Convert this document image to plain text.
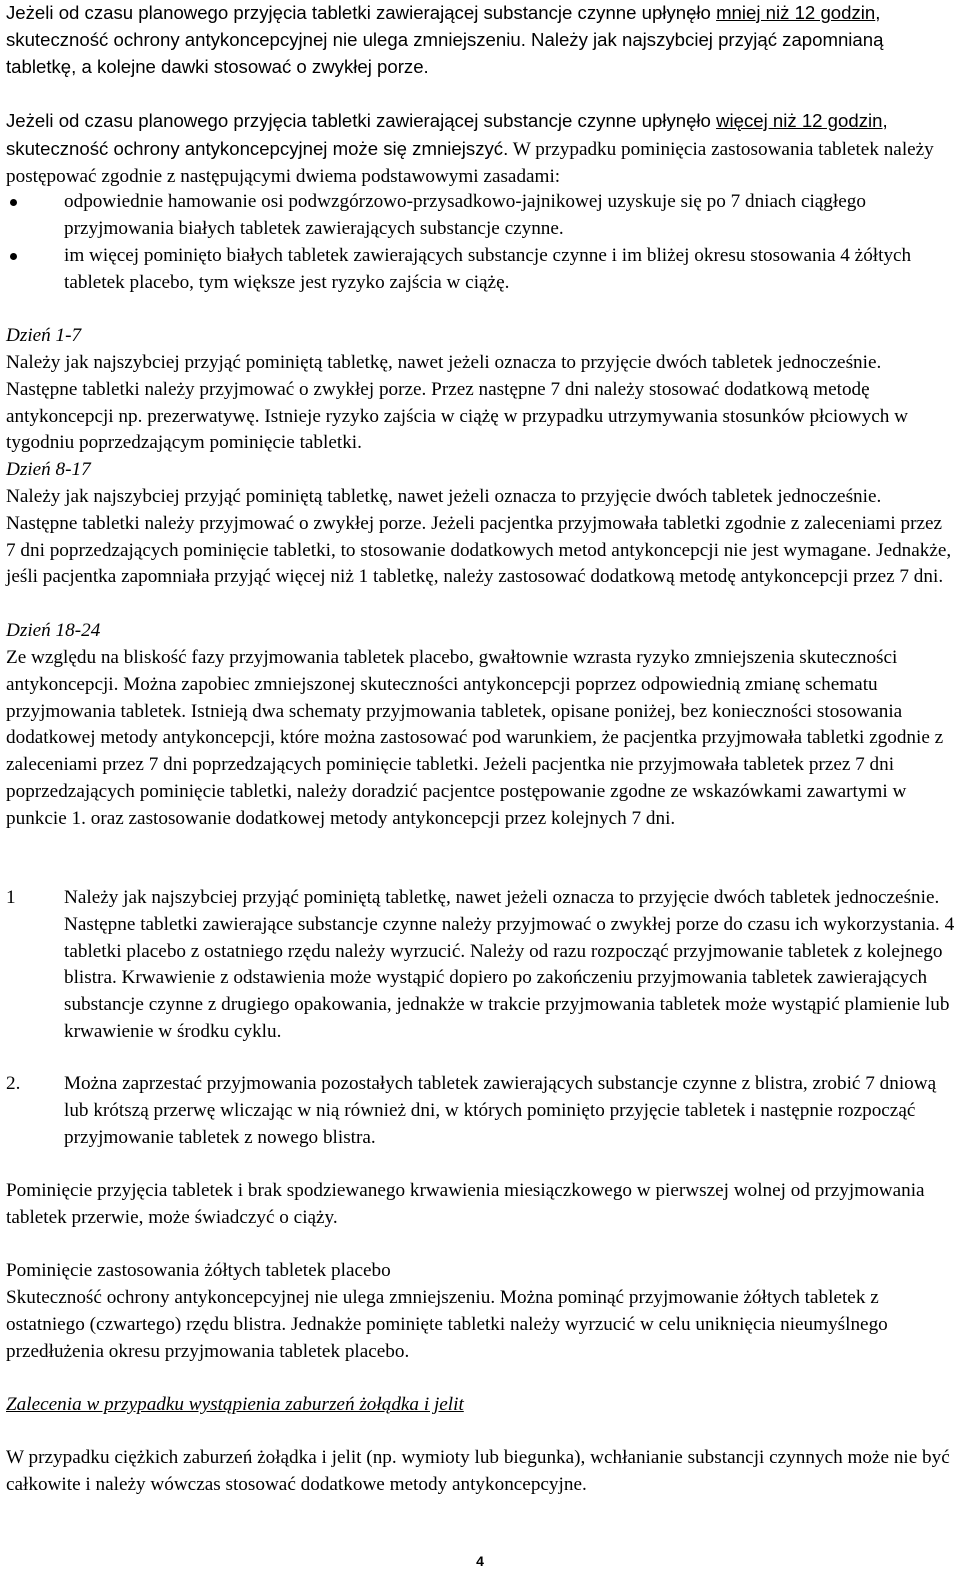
Jeżeli od czasu planowego przyjęcia tabletki zawierającej substancje czynne upłynęło mniej niż 12 godzin, skuteczność ochrony antykoncepcyjnej nie ulega zmniejszeniu. Należy jak najszybciej przyjąć zapomnianą tabletkę, a kolejne dawki stosować o zwykłej porze.

Jeżeli od czasu planowego przyjęcia tabletki zawierającej substancje czynne upłynęło więcej niż 12 godzin, skuteczność ochrony antykoncepcyjnej może się zmniejszyć. W przypadku pominięcia zastosowania tabletek należy postępować zgodnie z następującymi dwiema podstawowymi zasadami:

odpowiednie hamowanie osi podwzgórzowo-przysadkowo-jajnikowej uzyskuje się po 7 dniach ciągłego przyjmowania białych tabletek zawierających substancje czynne.
im więcej pominięto białych tabletek zawierających substancje czynne i im bliżej okresu stosowania 4 żółtych tabletek placebo, tym większe jest ryzyko zajścia w ciążę.
Dzień 1-7
Należy jak najszybciej przyjąć pominiętą tabletkę, nawet jeżeli oznacza to przyjęcie dwóch tabletek jednocześnie. Następne tabletki należy przyjmować o zwykłej porze. Przez następne 7 dni należy stosować dodatkową metodę antykoncepcji np. prezerwatywę. Istnieje ryzyko zajścia w ciążę w przypadku utrzymywania stosunków płciowych w tygodniu poprzedzającym pominięcie tabletki.
Dzień 8-17
Należy jak najszybciej przyjąć pominiętą tabletkę, nawet jeżeli oznacza to przyjęcie dwóch tabletek jednocześnie. Następne tabletki należy przyjmować o zwykłej porze. Jeżeli pacjentka przyjmowała tabletki zgodnie z zaleceniami przez 7 dni poprzedzających pominięcie tabletki, to stosowanie dodatkowych metod antykoncepcji nie jest wymagane. Jednakże, jeśli pacjentka zapomniała przyjąć więcej niż 1 tabletkę, należy zastosować dodatkową metodę antykoncepcji przez 7 dni.
Dzień 18-24
Ze względu na bliskość fazy przyjmowania tabletek placebo, gwałtownie wzrasta ryzyko zmniejszenia skuteczności antykoncepcji. Można zapobiec zmniejszonej skuteczności antykoncepcji poprzez odpowiednią zmianę schematu przyjmowania tabletek. Istnieją dwa schematy przyjmowania tabletek, opisane poniżej, bez konieczności stosowania dodatkowej metody antykoncepcji, które można zastosować pod warunkiem, że pacjentka przyjmowała tabletki zgodnie z zaleceniami przez 7 dni poprzedzających pominięcie tabletki. Jeżeli pacjentka nie przyjmowała tabletek przez 7 dni poprzedzających pominięcie tabletki, należy doradzić pacjentce postępowanie zgodne ze wskazówkami zawartymi w punkcie 1. oraz zastosowanie dodatkowej metody antykoncepcji przez kolejnych 7 dni.
1	Należy jak najszybciej przyjąć pominiętą tabletkę, nawet jeżeli oznacza to przyjęcie dwóch tabletek jednocześnie. Następne tabletki zawierające substancje czynne należy przyjmować o zwykłej porze do czasu ich wykorzystania. 4 tabletki placebo z ostatniego rzędu należy wyrzucić. Należy od razu rozpocząć przyjmowanie tabletek z kolejnego blistra. Krwawienie z odstawienia może wystąpić dopiero po zakończeniu przyjmowania tabletek zawierających substancje czynne z drugiego opakowania, jednakże w trakcie przyjmowania tabletek może wystąpić plamienie lub krwawienie w środku cyklu.
2. Można zaprzestać przyjmowania pozostałych tabletek zawierających substancje czynne z blistra, zrobić 7 dniową lub krótszą przerwę wliczając w nią również dni, w których pominięto przyjęcie tabletek i następnie rozpocząć przyjmowanie tabletek z nowego blistra.
Pominięcie przyjęcia tabletek i brak spodziewanego krwawienia miesiączkowego w pierwszej wolnej od przyjmowania tabletek przerwie, może świadczyć o ciąży.
Pominięcie zastosowania żółtych tabletek placebo
Skuteczność ochrony antykoncepcyjnej nie ulega zmniejszeniu. Można pominąć przyjmowanie żółtych tabletek z ostatniego (czwartego) rzędu blistra. Jednakże pominięte tabletki należy wyrzucić w celu uniknięcia nieumyślnego przedłużenia okresu przyjmowania tabletek placebo.
Zalecenia w przypadku wystąpienia zaburzeń żołądka i jelit
W przypadku ciężkich zaburzeń żołądka i jelit (np. wymioty lub biegunka), wchłanianie substancji czynnych może nie być całkowite i należy wówczas stosować dodatkowe metody antykoncepcyjne.
4
